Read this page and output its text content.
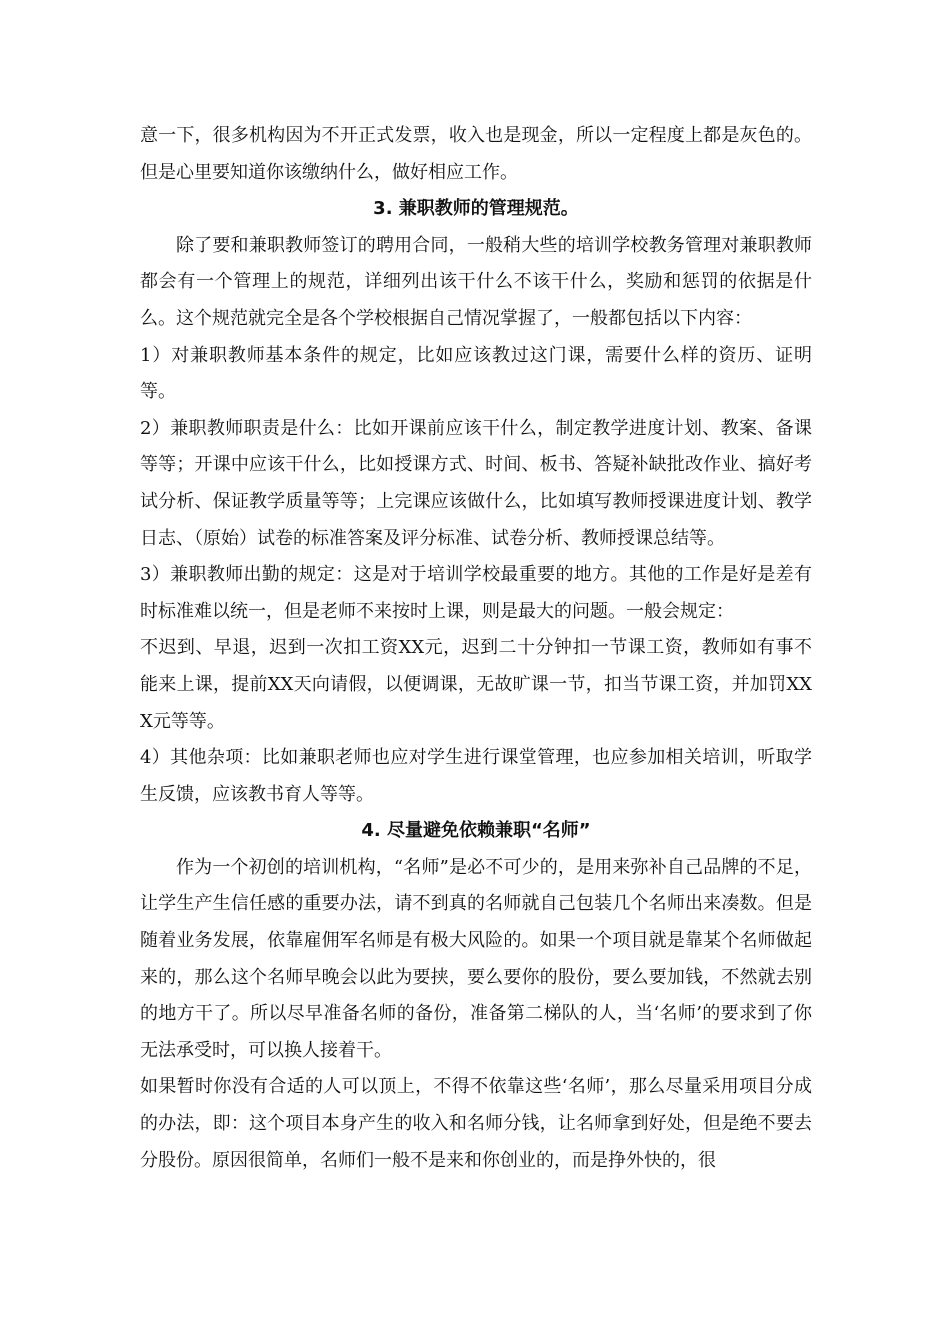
意一下，很多机构因为不开正式发票，收入也是现金，所以一定程度上都是灰色的。但是心里要知道你该缴纳什么，做好相应工作。

3. 兼职教师的管理规范。

除了要和兼职教师签订的聘用合同，一般稍大些的培训学校教务管理对兼职教师都会有一个管理上的规范，详细列出该干什么不该干什么，奖励和惩罚的依据是什么。这个规范就完全是各个学校根据自己情况掌握了，一般都包括以下内容：

1）对兼职教师基本条件的规定，比如应该教过这门课，需要什么样的资历、证明等。

2）兼职教师职责是什么：比如开课前应该干什么，制定教学进度计划、教案、备课等等；开课中应该干什么，比如授课方式、时间、板书、答疑补缺批改作业、搞好考试分析、保证教学质量等等；上完课应该做什么，比如填写教师授课进度计划、教学日志、（原始）试卷的标准答案及评分标准、试卷分析、教师授课总结等。

3）兼职教师出勤的规定：这是对于培训学校最重要的地方。其他的工作是好是差有时标准难以统一，但是老师不来按时上课，则是最大的问题。一般会规定：

不迟到、早退，迟到一次扣工资XX元，迟到二十分钟扣一节课工资，教师如有事不能来上课，提前XX天向请假，以便调课，无故旷课一节，扣当节课工资，并加罚XXX元等等。

4）其他杂项：比如兼职老师也应对学生进行课堂管理，也应参加相关培训，听取学生反馈，应该教书育人等等。

4. 尽量避免依赖兼职“名师”

作为一个初创的培训机构，“名师”是必不可少的，是用来弥补自己品牌的不足，让学生产生信任感的重要办法，请不到真的名师就自己包装几个名师出来凑数。但是随着业务发展，依靠雇佣军名师是有极大风险的。如果一个项目就是靠某个名师做起来的，那么这个名师早晚会以此为要挟，要么要你的股份，要么要加钱，不然就去别的地方干了。所以尽早准备名师的备份，准备第二梯队的人，当‘名师’的要求到了你无法承受时，可以换人接着干。

如果暂时你没有合适的人可以顶上，不得不依靠这些‘名师’，那么尽量采用项目分成的办法，即：这个项目本身产生的收入和名师分钱，让名师拿到好处，但是绝不要去分股份。原因很简单，名师们一般不是来和你创业的，而是挣外快的，很
